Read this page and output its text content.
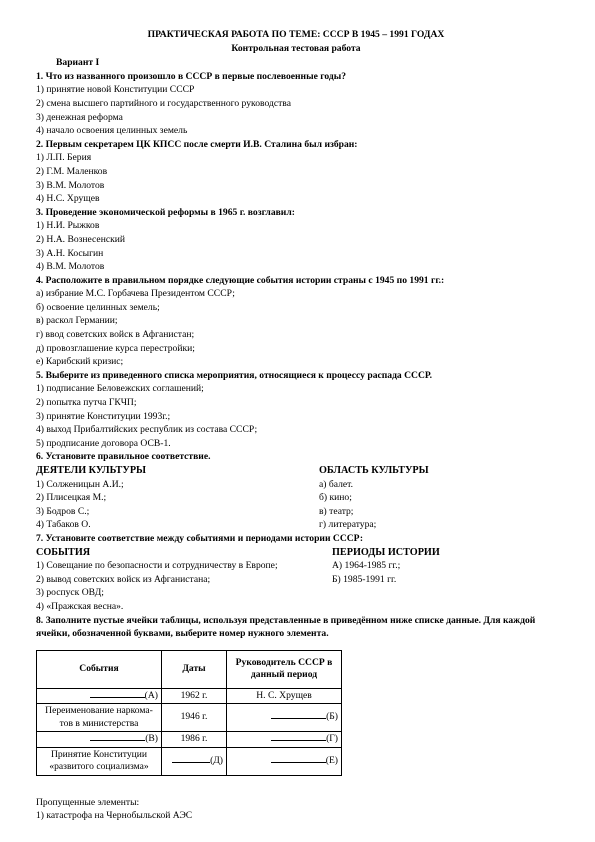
ПРАКТИЧЕСКАЯ РАБОТА ПО ТЕМЕ: СССР В 1945 – 1991 ГОДАХ
Контрольная тестовая работа
Вариант I
1. Что из названного произошло в СССР в первые послевоенные годы?
1) принятие новой Конституции СССР
2) смена высшего партийного и государственного руководства
3) денежная реформа
4) начало освоения целинных земель
2. Первым секретарем ЦК КПСС после смерти И.В. Сталина был избран:
1) Л.П. Берия
2) Г.М. Маленков
3) В.М. Молотов
4) Н.С. Хрущев
3. Проведение экономической реформы в 1965 г. возглавил:
1) Н.И. Рыжков
2) Н.А. Вознесенский
3) А.Н. Косыгин
4) В.М. Молотов
4. Расположите в правильном порядке следующие события истории страны с 1945 по 1991 гг.:
а) избрание М.С. Горбачева Президентом СССР;
б) освоение целинных земель;
в) раскол Германии;
г) ввод советских войск в Афганистан;
д) провозглашение курса перестройки;
е) Карибский кризис;
5. Выберите из приведенного списка мероприятия, относящиеся к процессу распада СССР.
1) подписание Беловежских соглашений;
2) попытка путча ГКЧП;
3) принятие Конституции 1993г.;
4) выход Прибалтийских республик из состава СССР;
5) продписание договора ОСВ-1.
6. Установите правильное соответствие.
ДЕЯТЕЛИ КУЛЬТУРЫ	ОБЛАСТЬ КУЛЬТУРЫ
1) Солженицын А.И.;	а) балет.
2) Плисецкая М.;	б) кино;
3) Бодров С.;	в) театр;
4) Табаков О.	г) литература;
7. Установите соответствие между событиями и периодами истории СССР:
СОБЫТИЯ	ПЕРИОДЫ ИСТОРИИ
1) Совещание по безопасности и сотрудничеству в Европе;	А) 1964-1985 гг.;
2) вывод советских войск из Афганистана;	Б) 1985-1991 гг.
3) роспуск ОВД;
4) «Пражская весна».
8. Заполните пустые ячейки таблицы, используя представленные в приведённом ниже списке данные. Для каждой ячейки, обозначенной буквами, выберите номер нужного элемента.
События	Даты	Руководитель СССР в данный период
(А)	1962 г.	Н. С. Хрущев
Переименование наркома-тов в министерства	1946 г.	(Б)
(В)	1986 г.	(Г)
Принятие Конституции «развитого социализма»	(Д)	(Е)
Пропущенные элементы:
1) катастрофа на Чернобыльской АЭС
